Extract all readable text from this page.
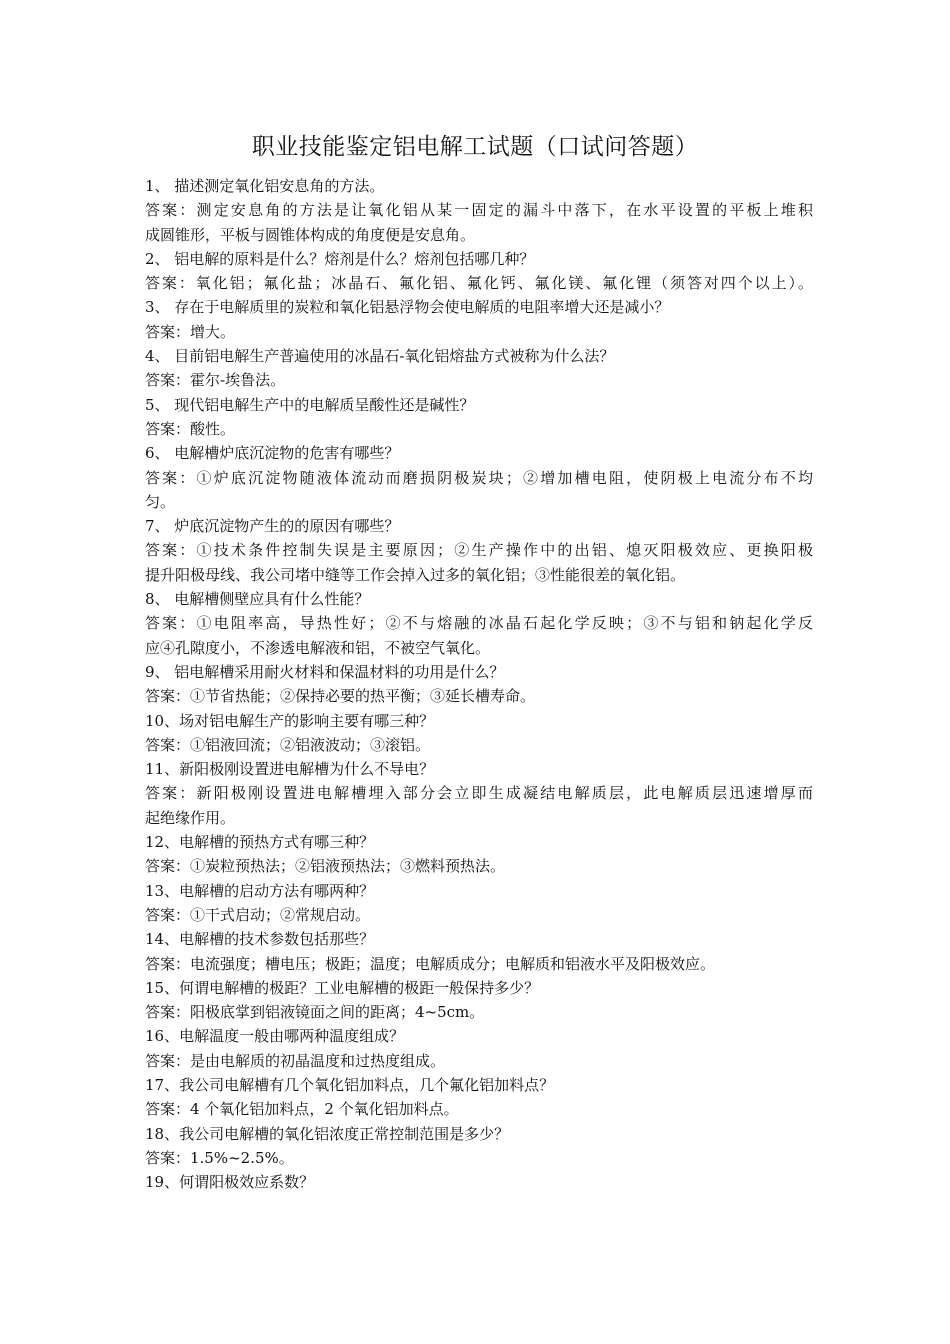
职业技能鉴定铝电解工试题（口试问答题）
1、 描述测定氧化铝安息角的方法。
答案：测定安息角的方法是让氧化铝从某一固定的漏斗中落下，在水平设置的平板上堆积
成圆锥形，平板与圆锥体构成的角度便是安息角。
2、 铝电解的原料是什么？熔剂是什么？熔剂包括哪几种？
答案：氧化铝；氟化盐；冰晶石、氟化铝、氟化钙、氟化镁、氟化锂（须答对四个以上）。
3、 存在于电解质里的炭粒和氧化铝悬浮物会使电解质的电阻率增大还是减小？
答案：增大。
4、 目前铝电解生产普遍使用的冰晶石-氧化铝熔盐方式被称为什么法？
答案：霍尔-埃鲁法。
5、 现代铝电解生产中的电解质呈酸性还是碱性？
答案：酸性。
6、 电解槽炉底沉淀物的危害有哪些？
答案：①炉底沉淀物随液体流动而磨损阴极炭块；②增加槽电阻，使阴极上电流分布不均
匀。
7、 炉底沉淀物产生的的原因有哪些？
答案：①技术条件控制失误是主要原因；②生产操作中的出铝、熄灭阳极效应、更换阳极
提升阳极母线、我公司堵中缝等工作会掉入过多的氧化铝；③性能很差的氧化铝。
8、 电解槽侧壁应具有什么性能？
答案：①电阻率高，导热性好；②不与熔融的冰晶石起化学反映；③不与铝和钠起化学反
应④孔隙度小，不渗透电解液和铝，不被空气氧化。
9、 铝电解槽采用耐火材料和保温材料的功用是什么？
答案：①节省热能；②保持必要的热平衡；③延长槽寿命。
10、场对铝电解生产的影响主要有哪三种？
答案：①铝液回流；②铝液波动；③滚铝。
11、新阳极刚设置进电解槽为什么不导电？
答案：新阳极刚设置进电解槽埋入部分会立即生成凝结电解质层，此电解质层迅速增厚而
起绝缘作用。
12、电解槽的预热方式有哪三种？
答案：①炭粒预热法；②铝液预热法；③燃料预热法。
13、电解槽的启动方法有哪两种？
答案：①干式启动；②常规启动。
14、电解槽的技术参数包括那些？
答案：电流强度；槽电压；极距；温度；电解质成分；电解质和铝液水平及阳极效应。
15、何谓电解槽的极距？工业电解槽的极距一般保持多少？
答案：阳极底掌到铝液镜面之间的距离；4~5cm。
16、电解温度一般由哪两种温度组成？
答案：是由电解质的初晶温度和过热度组成。
17、我公司电解槽有几个氧化铝加料点，几个氟化铝加料点？
答案：4 个氧化铝加料点，2 个氧化铝加料点。
18、我公司电解槽的氧化铝浓度正常控制范围是多少？
答案：1.5%~2.5%。
19、何谓阳极效应系数？
